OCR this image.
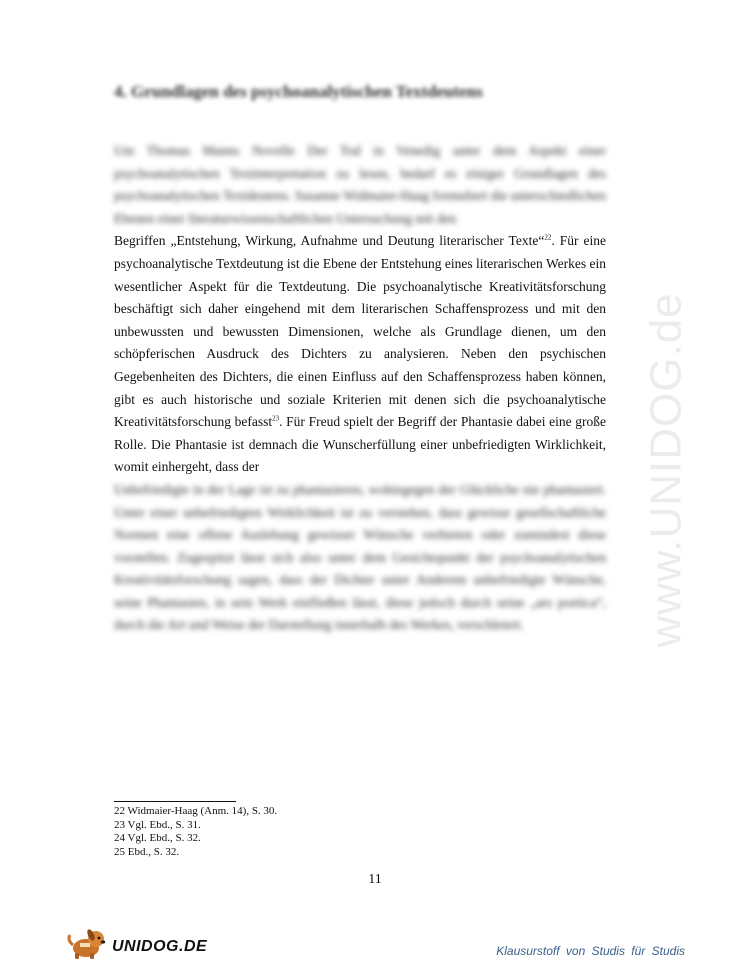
www.UNIDOG.de
4. Grundlagen des psychoanalytischen Textdeutens

Um Thomas Manns Novelle Der Tod in Venedig unter dem Aspekt einer psychoanalytischen Textinterpretation zu lesen, bedarf es einiger Grundlagen des psychoanalytischen Textdeutens. Susanne Widmaier-Haag formuliert die unterschiedlichen Ebenen einer literaturwissenschaftlichen Untersuchung mit den

Begriffen „Entstehung, Wirkung, Aufnahme und Deutung literarischer Texte“$^{22}$. Für eine psychoanalytische Textdeutung ist die Ebene der Entstehung eines literarischen Werkes ein wesentlicher Aspekt für die Textdeutung. Die psychoanalytische Kreativitätsforschung beschäftigt sich daher eingehend mit dem literarischen Schaffensprozess und mit den unbewussten und bewussten Dimensionen, welche als Grundlage dienen, um den schöpferischen Ausdruck des Dichters zu analysieren. Neben den psychischen Gegebenheiten des Dichters, die einen Einfluss auf den Schaffensprozess haben können, gibt es auch historische und soziale Kriterien mit denen sich die psychoanalytische Kreativitätsforschung befasst$^{23}$. Für Freud spielt der Begriff der Phantasie dabei eine große Rolle. Die Phantasie ist demnach die Wunscherfüllung einer unbefriedigten Wirklichkeit, womit einhergeht, dass der

Unbefriedigte in der Lage ist zu phantasieren, wohingegen der Glückliche nie phantasiert. Unter einer unbefriedigten Wirklichkeit ist zu verstehen, dass gewisse gesellschaftliche Normen eine offene Auslebung gewisser Wünsche verbieten oder zumindest diese vorstellen. Zugespitzt lässt sich also unter dem Gesichtspunkt der psychoanalytischen Kreativitätsforschung sagen, dass der Dichter unter Anderem unbefriedigte Wünsche, seine Phantasien, in sein Werk einfließen lässt, diese jedoch durch seine „ars poetica“, durch die Art und Weise der Darstellung innerhalb des Werkes, verschleiert.

22 Widmaier-Haag (Anm. 14), S. 30.
23 Vgl. Ebd., S. 31.
24 Vgl. Ebd., S. 32.
25 Ebd., S. 32.
11
UNIDOG.DE	Klausurstoff von Studis für Studis
